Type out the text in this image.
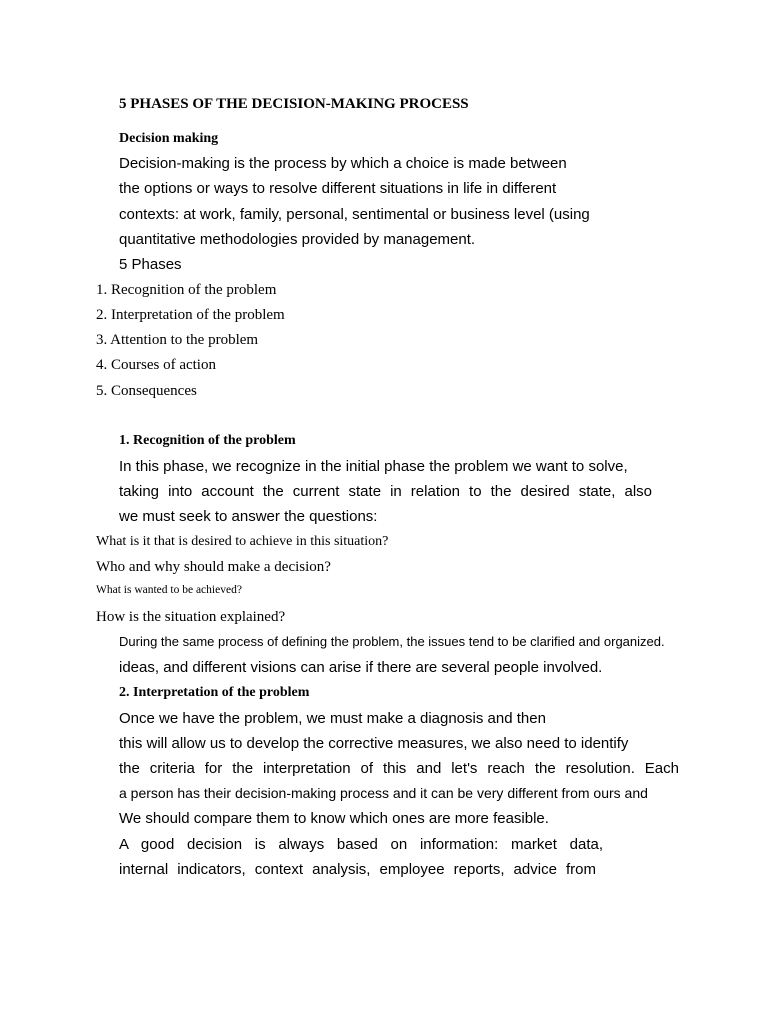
5 PHASES OF THE DECISION-MAKING PROCESS
Decision making
Decision-making is the process by which a choice is made between
the options or ways to resolve different situations in life in different
contexts: at work, family, personal, sentimental or business level (using
quantitative methodologies provided by management.
5 Phases
1. Recognition of the problem
2. Interpretation of the problem
3. Attention to the problem
4. Courses of action
5. Consequences
1. Recognition of the problem
In this phase, we recognize in the initial phase the problem we want to solve,
taking into account the current state in relation to the desired state, also
we must seek to answer the questions:
What is it that is desired to achieve in this situation?
Who and why should make a decision?
What is wanted to be achieved?
How is the situation explained?
During the same process of defining the problem, the issues tend to be clarified and organized.
ideas, and different visions can arise if there are several people involved.
2. Interpretation of the problem
Once we have the problem, we must make a diagnosis and then
this will allow us to develop the corrective measures, we also need to identify
the criteria for the interpretation of this and let's reach the resolution. Each
a person has their decision-making process and it can be very different from ours and
We should compare them to know which ones are more feasible.
A good decision is always based on information: market data,
internal indicators, context analysis, employee reports, advice from
